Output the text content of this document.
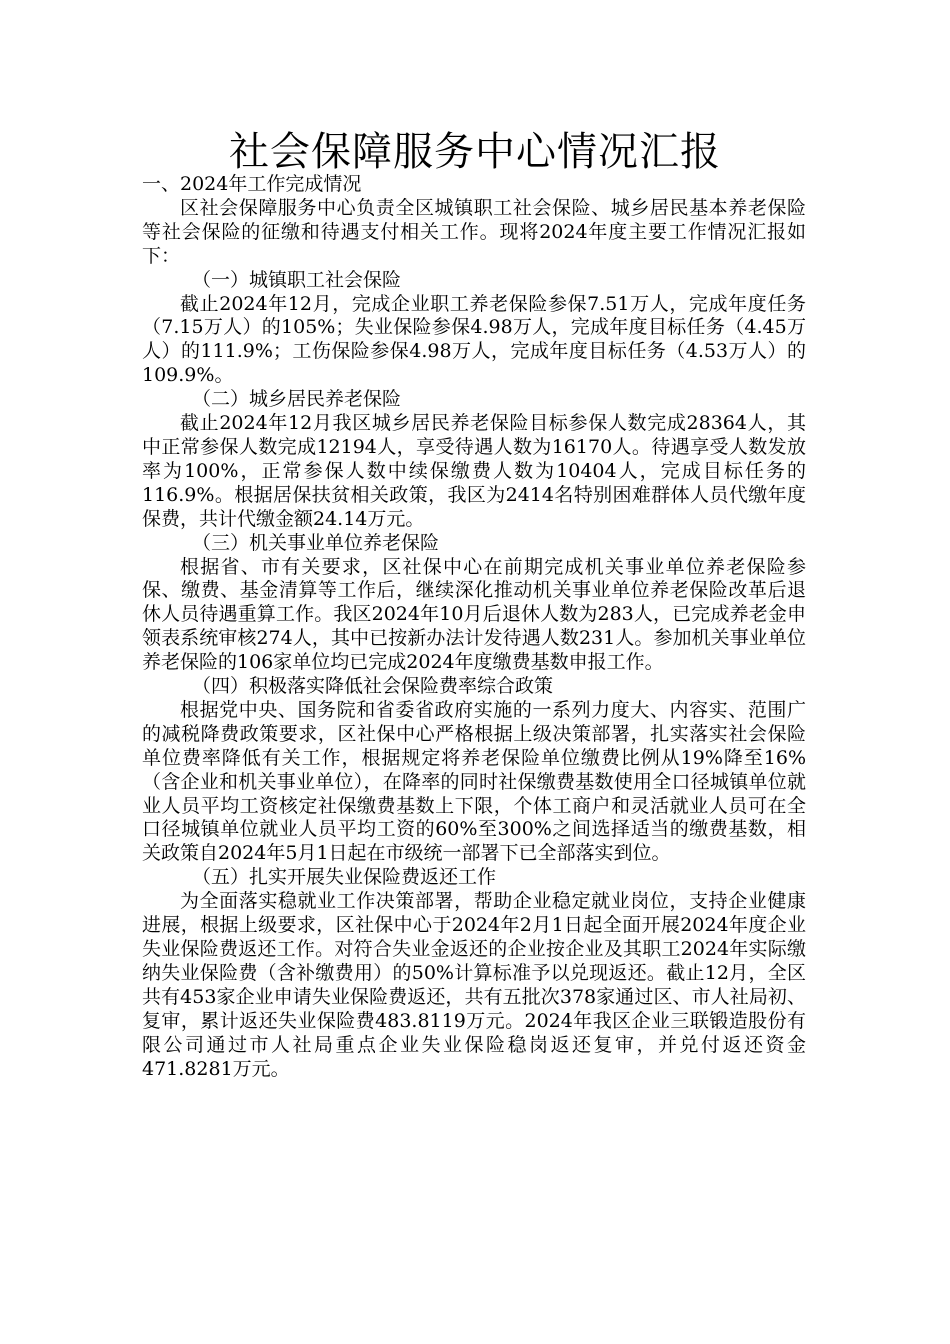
社会保障服务中心情况汇报

一、2024年工作完成情况

区社会保障服务中心负责全区城镇职工社会保险、城乡居民基本养老保险等社会保险的征缴和待遇支付相关工作。现将2024年度主要工作情况汇报如下：

（一）城镇职工社会保险

截止2024年12月，完成企业职工养老保险参保7.51万人，完成年度任务（7.15万人）的105%；失业保险参保4.98万人，完成年度目标任务（4.45万人）的111.9%；工伤保险参保4.98万人，完成年度目标任务（4.53万人）的109.9%。

（二）城乡居民养老保险

截止2024年12月我区城乡居民养老保险目标参保人数完成28364人，其中正常参保人数完成12194人，享受待遇人数为16170人。待遇享受人数发放率为100%，正常参保人数中续保缴费人数为10404人，完成目标任务的116.9%。根据居保扶贫相关政策，我区为2414名特别困难群体人员代缴年度保费，共计代缴金额24.14万元。

（三）机关事业单位养老保险

根据省、市有关要求，区社保中心在前期完成机关事业单位养老保险参保、缴费、基金清算等工作后，继续深化推动机关事业单位养老保险改革后退休人员待遇重算工作。我区2024年10月后退休人数为283人，已完成养老金申领表系统审核274人，其中已按新办法计发待遇人数231人。参加机关事业单位养老保险的106家单位均已完成2024年度缴费基数申报工作。

（四）积极落实降低社会保险费率综合政策

根据党中央、国务院和省委省政府实施的一系列力度大、内容实、范围广的减税降费政策要求，区社保中心严格根据上级决策部署，扎实落实社会保险单位费率降低有关工作，根据规定将养老保险单位缴费比例从19%降至16%（含企业和机关事业单位），在降率的同时社保缴费基数使用全口径城镇单位就业人员平均工资核定社保缴费基数上下限，个体工商户和灵活就业人员可在全口径城镇单位就业人员平均工资的60%至300%之间选择适当的缴费基数，相关政策自2024年5月1日起在市级统一部署下已全部落实到位。

（五）扎实开展失业保险费返还工作

为全面落实稳就业工作决策部署，帮助企业稳定就业岗位，支持企业健康进展，根据上级要求，区社保中心于2024年2月1日起全面开展2024年度企业失业保险费返还工作。对符合失业金返还的企业按企业及其职工2024年实际缴纳失业保险费（含补缴费用）的50%计算标准予以兑现返还。截止12月，全区共有453家企业申请失业保险费返还，共有五批次378家通过区、市人社局初、复审，累计返还失业保险费483.8119万元。2024年我区企业三联锻造股份有限公司通过市人社局重点企业失业保险稳岗返还复审，并兑付返还资金471.8281万元。
